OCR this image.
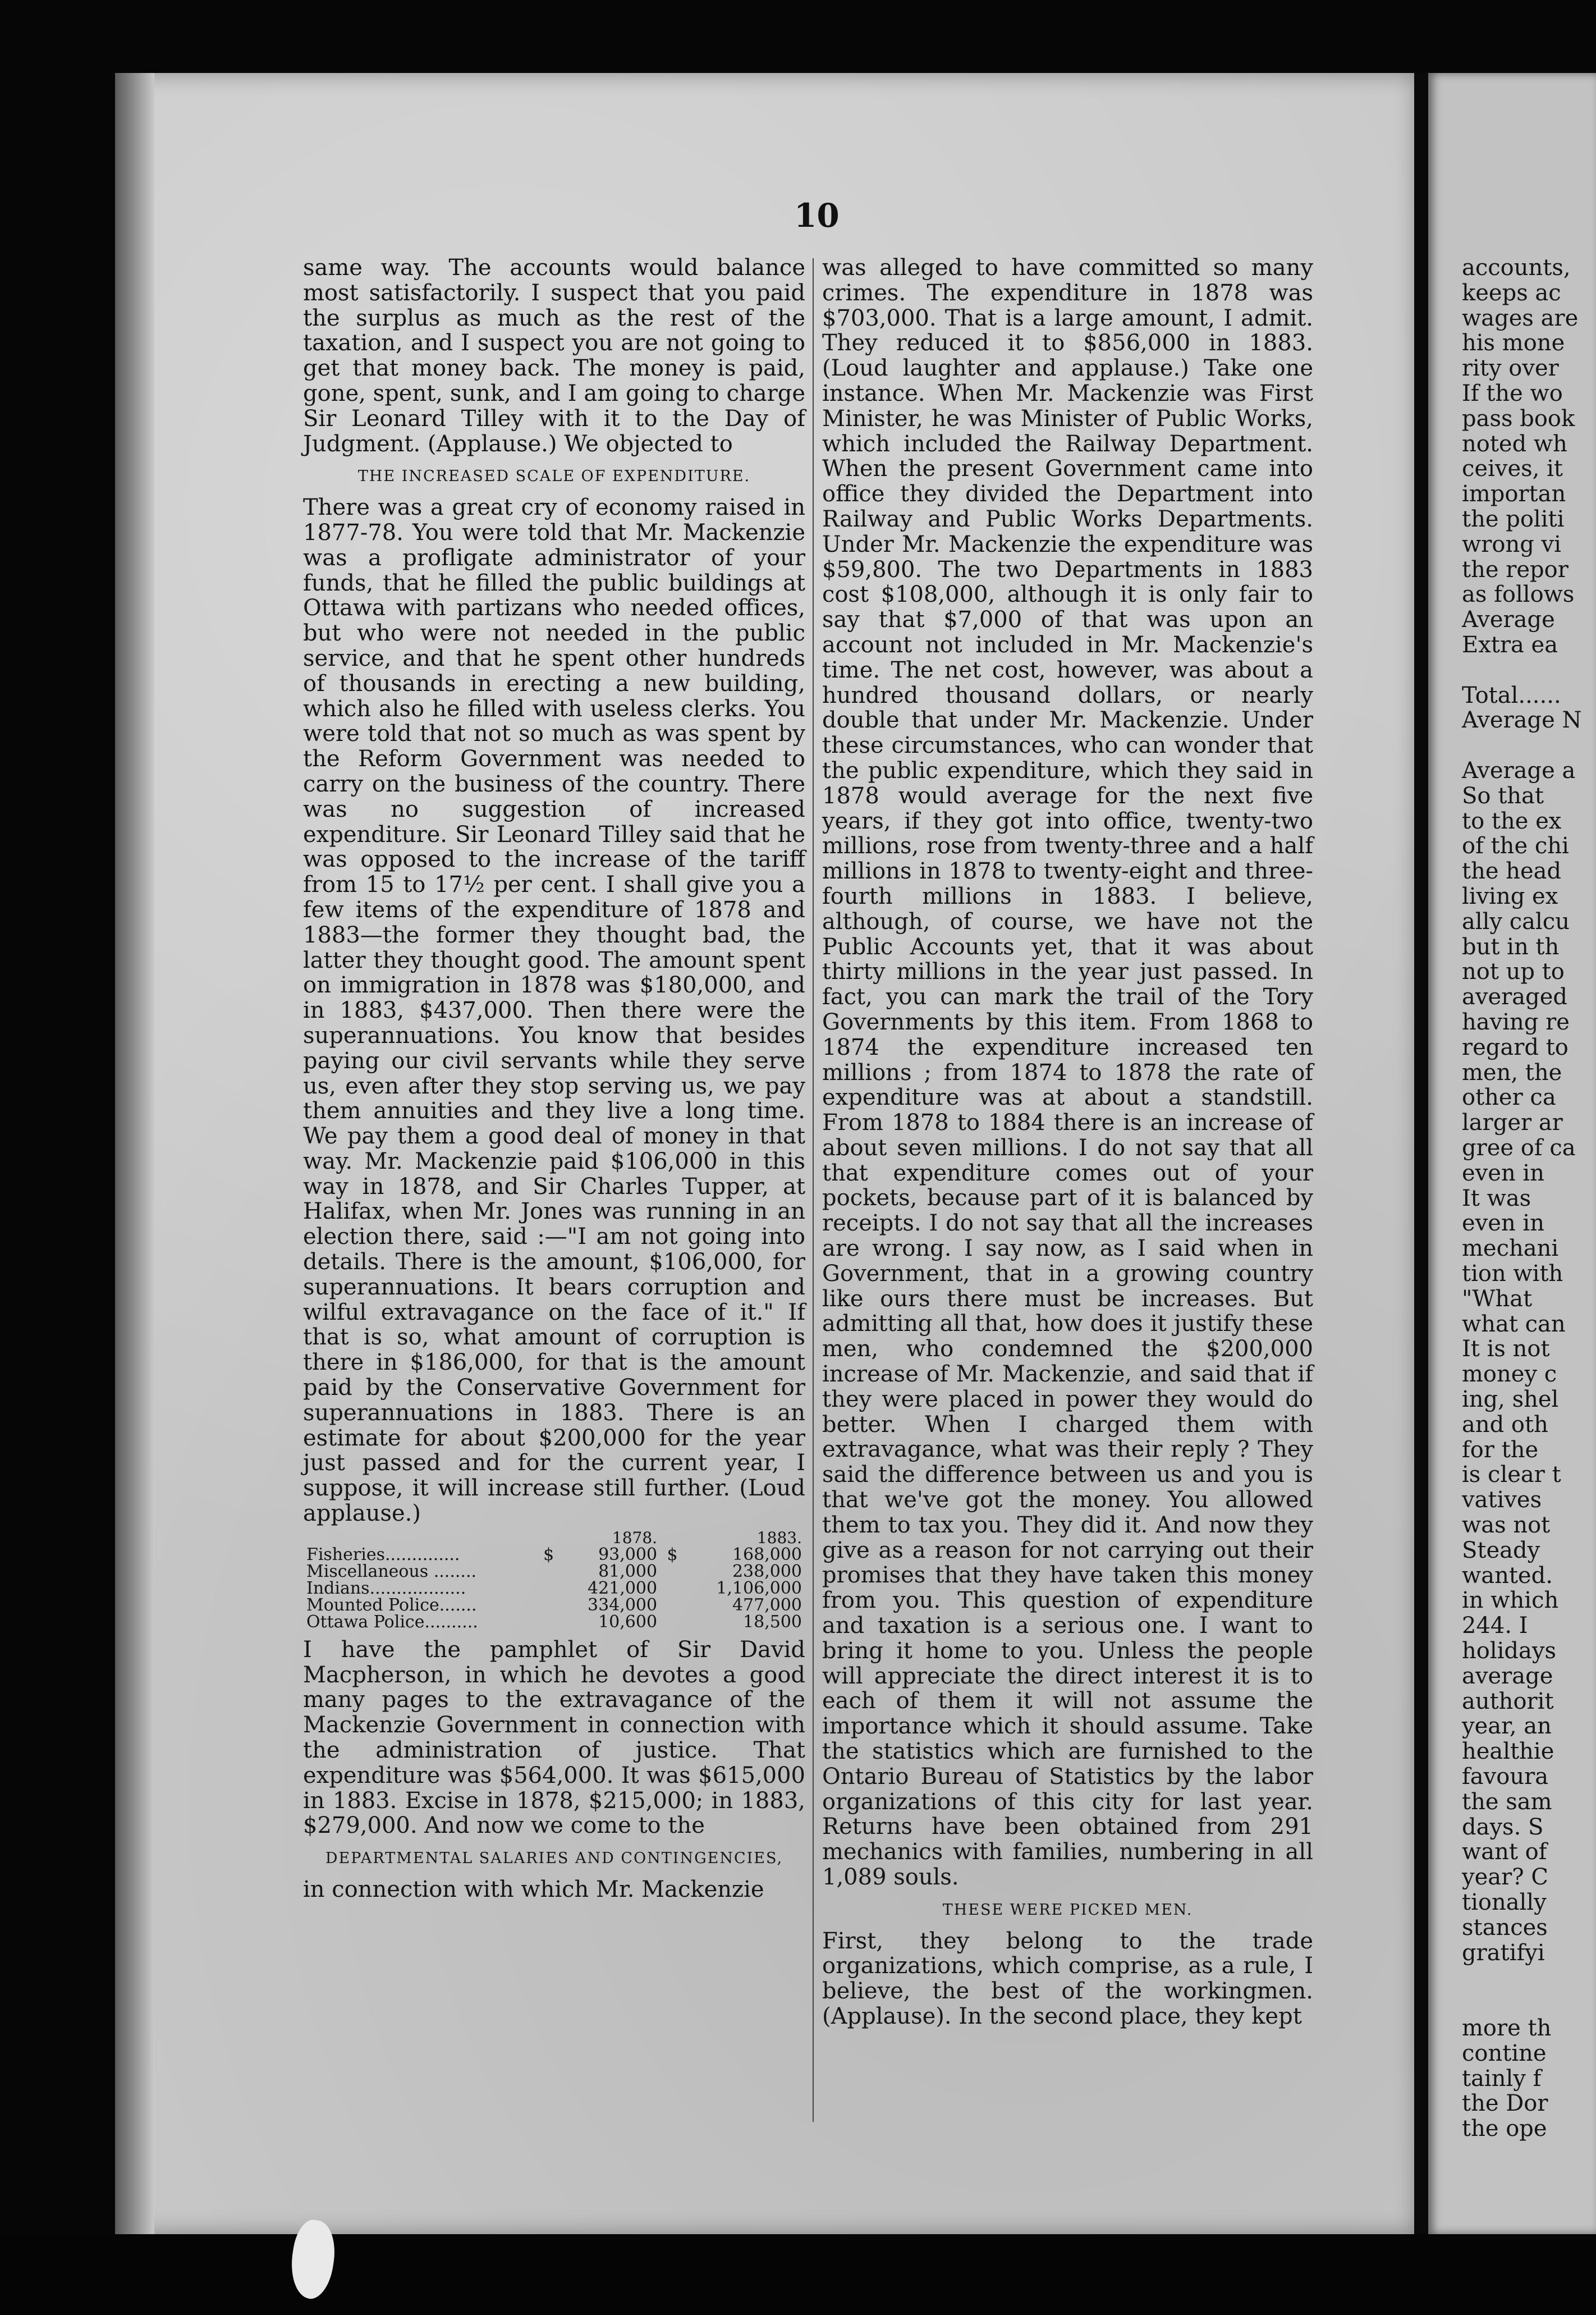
10

same way. The accounts would balance most satisfactorily. I suspect that you paid the surplus as much as the rest of the taxation, and I suspect you are not going to get that money back. The money is paid, gone, spent, sunk, and I am going to charge Sir Leonard Tilley with it to the Day of Judgment. (Applause.) We objected to

THE INCREASED SCALE OF EXPENDITURE.

There was a great cry of economy raised in 1877-78. You were told that Mr. Mackenzie was a profligate administrator of your funds, that he filled the public buildings at Ottawa with partizans who needed offices, but who were not needed in the public service, and that he spent other hundreds of thousands in erecting a new building, which also he filled with useless clerks. You were told that not so much as was spent by the Reform Government was needed to carry on the business of the country. There was no suggestion of increased expenditure. Sir Leonard Tilley said that he was opposed to the increase of the tariff from 15 to 17½ per cent. I shall give you a few items of the expenditure of 1878 and 1883—the former they thought bad, the latter they thought good. The amount spent on immigration in 1878 was $180,000, and in 1883, $437,000. Then there were the superannuations. You know that besides paying our civil servants while they serve us, even after they stop serving us, we pay them annuities and they live a long time. We pay them a good deal of money in that way. Mr. Mackenzie paid $106,000 in this way in 1878, and Sir Charles Tupper, at Halifax, when Mr. Jones was running in an election there, said :—"I am not going into details. There is the amount, $106,000, for superannuations. It bears corruption and wilful extravagance on the face of it." If that is so, what amount of corruption is there in $186,000, for that is the amount paid by the Conservative Government for superannuations in 1883. There is an estimate for about $200,000 for the year just passed and for the current year, I suppose, it will increase still further. (Loud applause.)

		1878.		1883.
Fisheries..............	$	93,000	$	168,000
Miscellaneous ........		81,000		238,000
Indians..................		421,000		1,106,000
Mounted Police.......		334,000		477,000
Ottawa Police..........		10,600		18,500

I have the pamphlet of Sir David Macpherson, in which he devotes a good many pages to the extravagance of the Mackenzie Government in connection with the administration of justice. That expenditure was $564,000. It was $615,000 in 1883. Excise in 1878, $215,000; in 1883, $279,000. And now we come to the

DEPARTMENTAL SALARIES AND CONTINGENCIES,

in connection with which Mr. Mackenzie

was alleged to have committed so many crimes. The expenditure in 1878 was $703,000. That is a large amount, I admit. They reduced it to $856,000 in 1883. (Loud laughter and applause.) Take one instance. When Mr. Mackenzie was First Minister, he was Minister of Public Works, which included the Railway Department. When the present Government came into office they divided the Department into Railway and Public Works Departments. Under Mr. Mackenzie the expenditure was $59,800. The two Departments in 1883 cost $108,000, although it is only fair to say that $7,000 of that was upon an account not included in Mr. Mackenzie's time. The net cost, however, was about a hundred thousand dollars, or nearly double that under Mr. Mackenzie. Under these circumstances, who can wonder that the public expenditure, which they said in 1878 would average for the next five years, if they got into office, twenty-two millions, rose from twenty-three and a half millions in 1878 to twenty-eight and three-fourth millions in 1883. I believe, although, of course, we have not the Public Accounts yet, that it was about thirty millions in the year just passed. In fact, you can mark the trail of the Tory Governments by this item. From 1868 to 1874 the expenditure increased ten millions ; from 1874 to 1878 the rate of expenditure was at about a standstill. From 1878 to 1884 there is an increase of about seven millions. I do not say that all that expenditure comes out of your pockets, because part of it is balanced by receipts. I do not say that all the increases are wrong. I say now, as I said when in Government, that in a growing country like ours there must be increases. But admitting all that, how does it justify these men, who condemned the $200,000 increase of Mr. Mackenzie, and said that if they were placed in power they would do better. When I charged them with extravagance, what was their reply ? They said the difference between us and you is that we've got the money. You allowed them to tax you. They did it. And now they give as a reason for not carrying out their promises that they have taken this money from you. This question of expenditure and taxation is a serious one. I want to bring it home to you. Unless the people will appreciate the direct interest it is to each of them it will not assume the importance which it should assume. Take the statistics which are furnished to the Ontario Bureau of Statistics by the labor organizations of this city for last year. Returns have been obtained from 291 mechanics with families, numbering in all 1,089 souls.

THESE WERE PICKED MEN.

First, they belong to the trade organizations, which comprise, as a rule, I believe, the best of the workingmen. (Applause). In the second place, they kept

accounts,
keeps ac
wages are
his mone
rity over
If the wo
pass book
noted wh
ceives, it
importan
the politi
wrong vi
the repor
as follows
Average
Extra ea
Total......
Average N
Average a
So that
to the ex
of the chi
the head
living ex
ally calcu
but in th
not up to
averaged
having re
regard to
men, the
other ca
larger ar
gree of ca
even in
It was
even in
mechani
tion with
"What
what can
It is not
money c
ing, shel
and oth
for the
is clear t
vatives
was not
Steady
wanted.
in which
244. I
holidays
average
authorit
year, an
healthie
favoura
the sam
days. S
want of
year? C
tionally
stances
gratifyi
more th
contine
tainly f
the Dor
the ope
